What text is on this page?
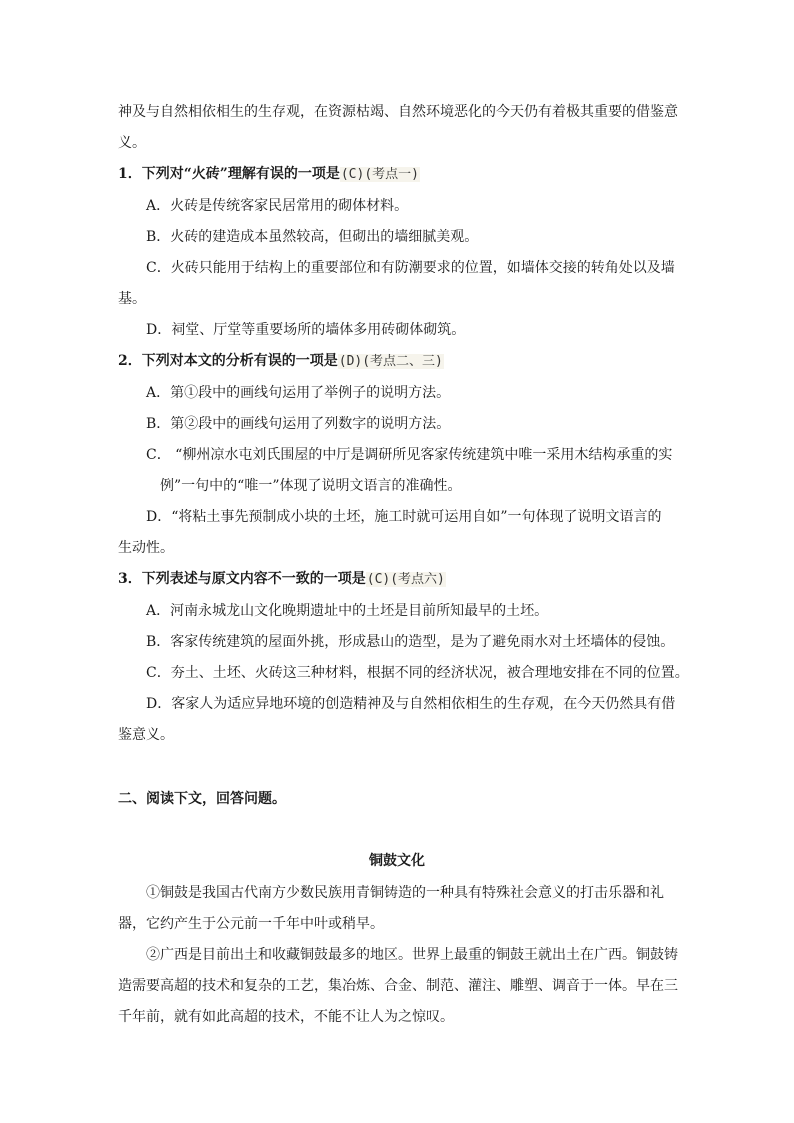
神及与自然相依相生的生存观，在资源枯竭、自然环境恶化的今天仍有着极其重要的借鉴意
义。
1．下列对“火砖”理解有误的一项是(C)(考点一)
A．火砖是传统客家民居常用的砌体材料。
B．火砖的建造成本虽然较高，但砌出的墙细腻美观。
C．火砖只能用于结构上的重要部位和有防潮要求的位置，如墙体交接的转角处以及墙
基。
D．祠堂、厅堂等重要场所的墙体多用砖砌体砌筑。
2．下列对本文的分析有误的一项是(D)(考点二、三)
A．第①段中的画线句运用了举例子的说明方法。
B．第②段中的画线句运用了列数字的说明方法。
C． “柳州凉水屯刘氏围屋的中厅是调研所见客家传统建筑中唯一采用木结构承重的实
例”一句中的“唯一”体现了说明文语言的准确性。
D．“将粘土事先预制成小块的土坯，施工时就可运用自如”一句体现了说明文语言的
生动性。
3．下列表述与原文内容不一致的一项是(C)(考点六)
A．河南永城龙山文化晚期遗址中的土坯是目前所知最早的土坯。
B．客家传统建筑的屋面外挑，形成悬山的造型，是为了避免雨水对土坯墙体的侵蚀。
C．夯土、土坯、火砖这三种材料，根据不同的经济状况，被合理地安排在不同的位置。
D．客家人为适应异地环境的创造精神及与自然相依相生的生存观，在今天仍然具有借
鉴意义。
二、阅读下文，回答问题。
铜鼓文化
①铜鼓是我国古代南方少数民族用青铜铸造的一种具有特殊社会意义的打击乐器和礼
器，它约产生于公元前一千年中叶或稍早。
②广西是目前出土和收藏铜鼓最多的地区。世界上最重的铜鼓王就出土在广西。铜鼓铸
造需要高超的技术和复杂的工艺，集冶炼、合金、制范、灌注、雕塑、调音于一体。早在三
千年前，就有如此高超的技术，不能不让人为之惊叹。
